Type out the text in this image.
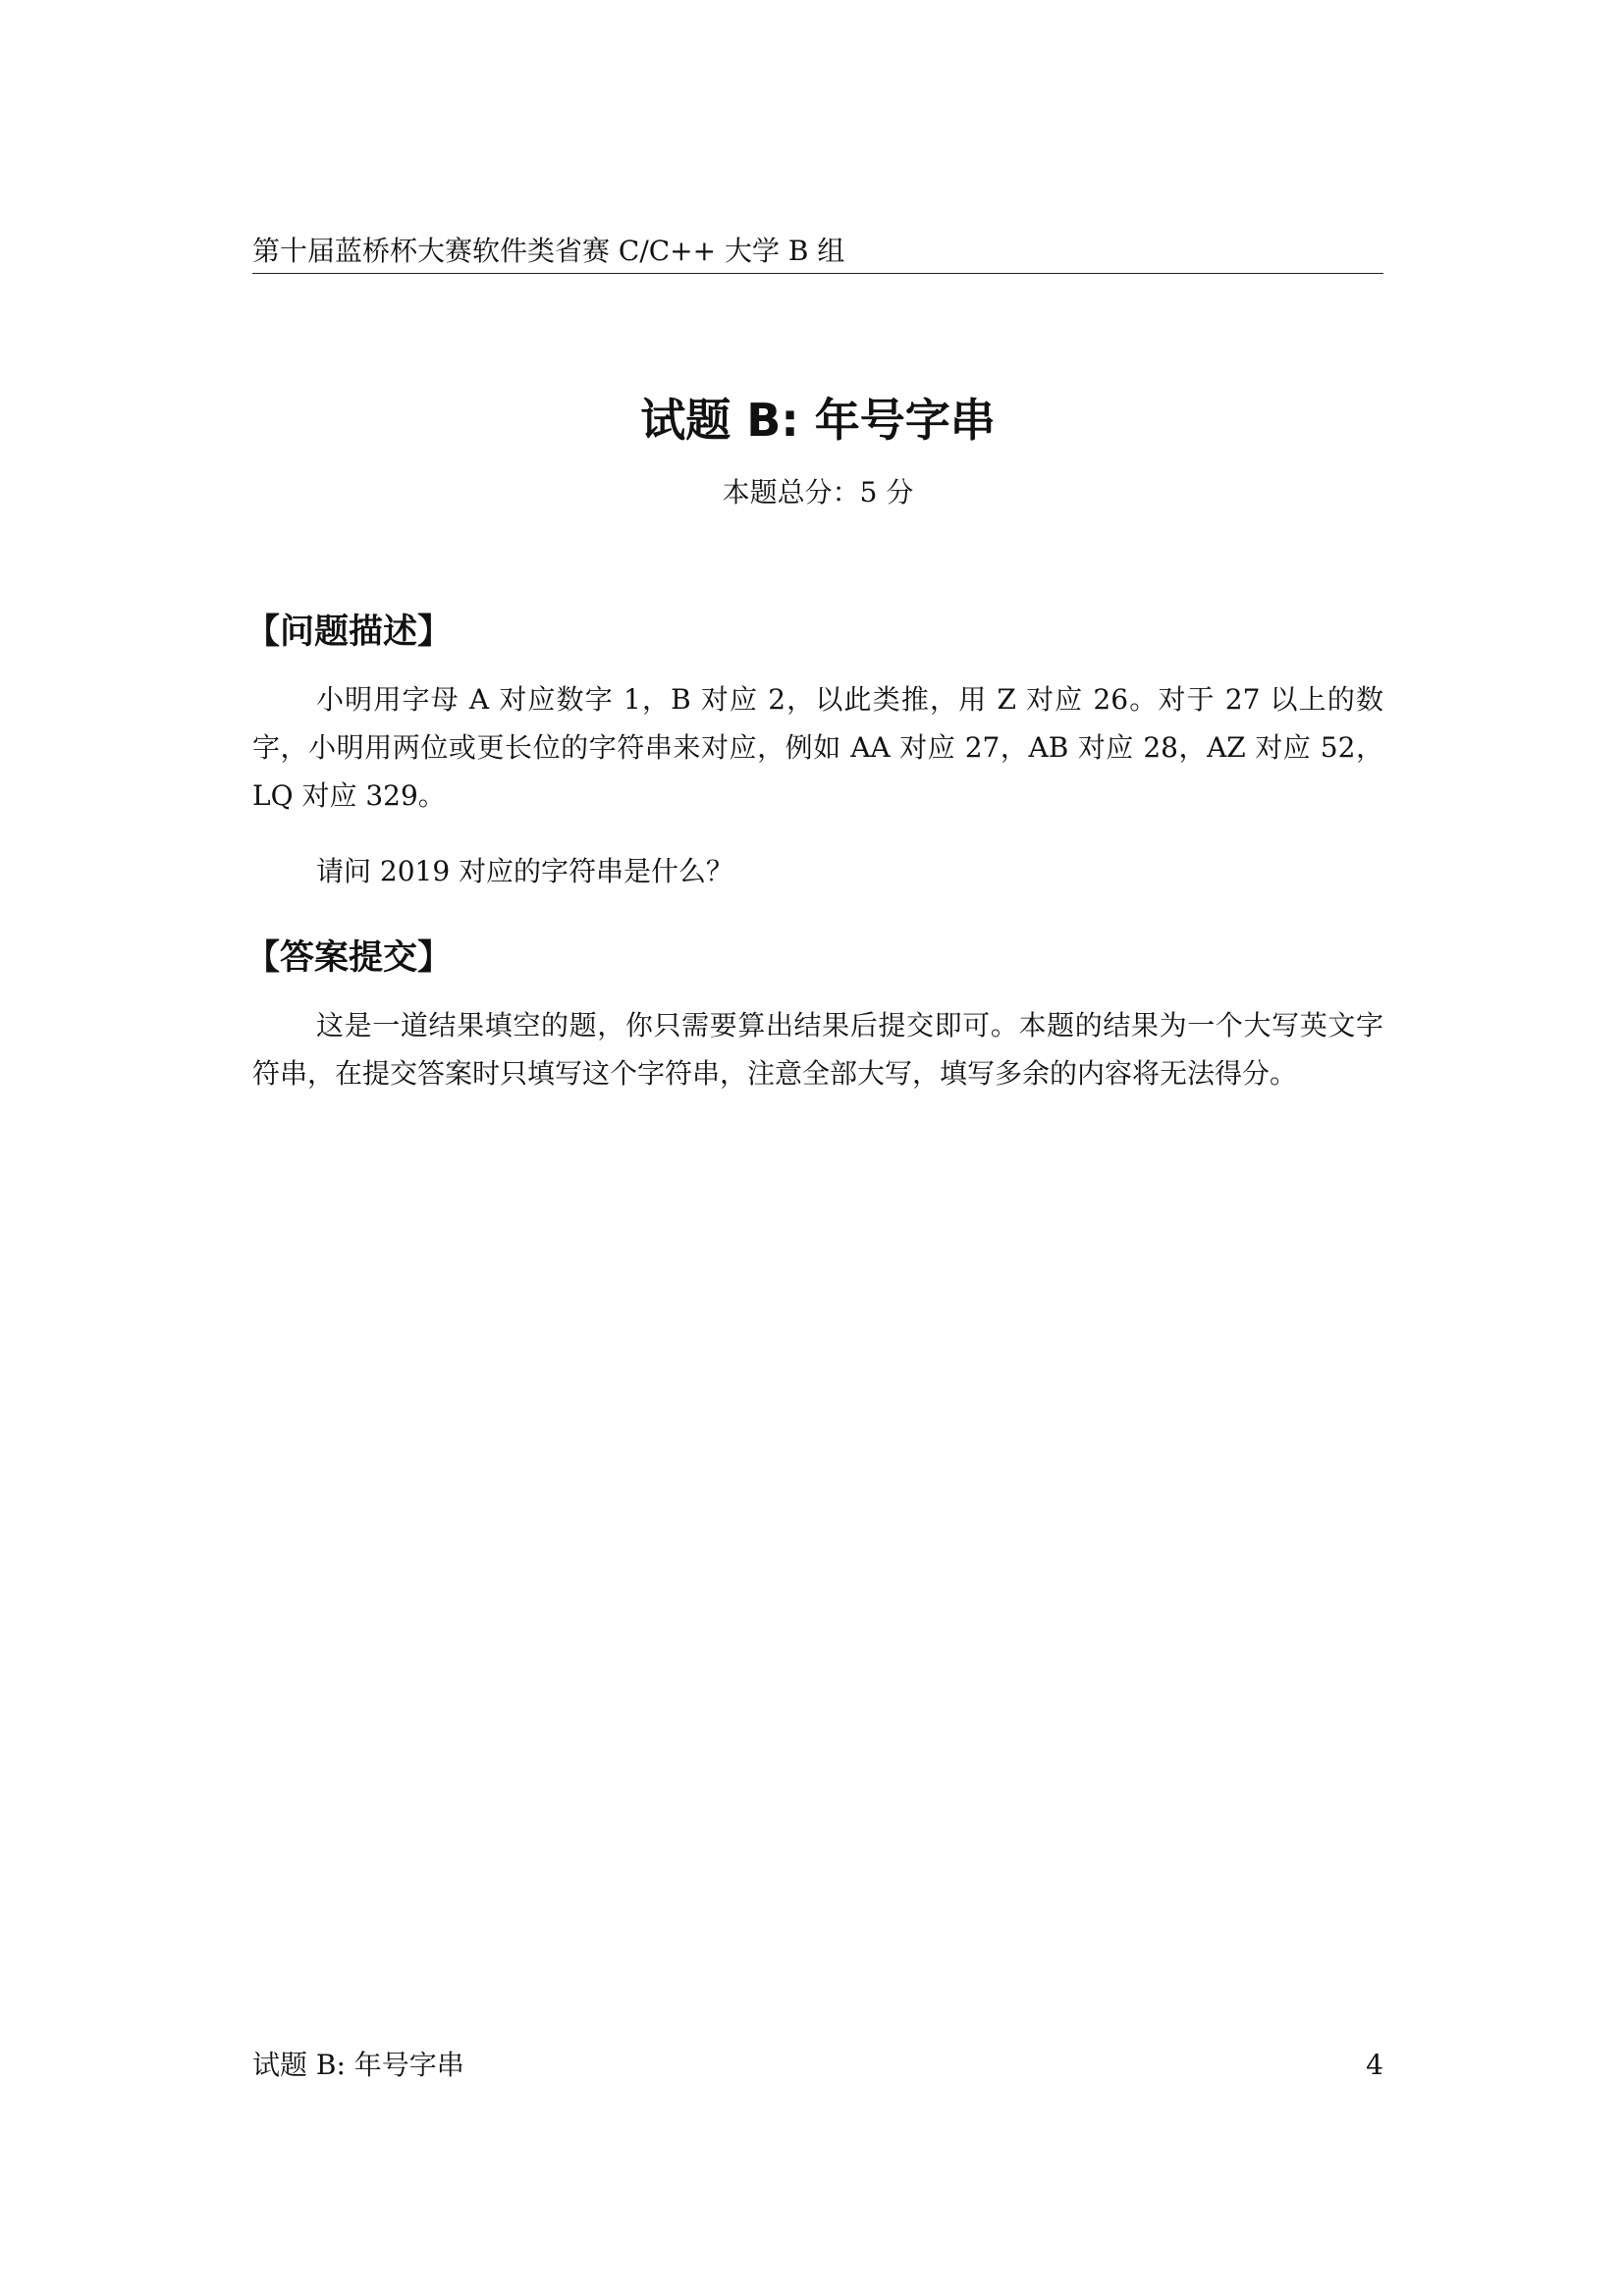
第十届蓝桥杯大赛软件类省赛 C/C++ 大学 B 组
试题 B: 年号字串
本题总分：5 分
【问题描述】

小明用字母 A 对应数字 1，B 对应 2，以此类推，用 Z 对应 26。对于 27 以上的数字，小明用两位或更长位的字符串来对应，例如 AA 对应 27，AB 对应 28，AZ 对应 52，LQ 对应 329。

请问 2019 对应的字符串是什么？

【答案提交】

这是一道结果填空的题，你只需要算出结果后提交即可。本题的结果为一个大写英文字符串，在提交答案时只填写这个字符串，注意全部大写，填写多余的内容将无法得分。

试题 B: 年号字串	4
